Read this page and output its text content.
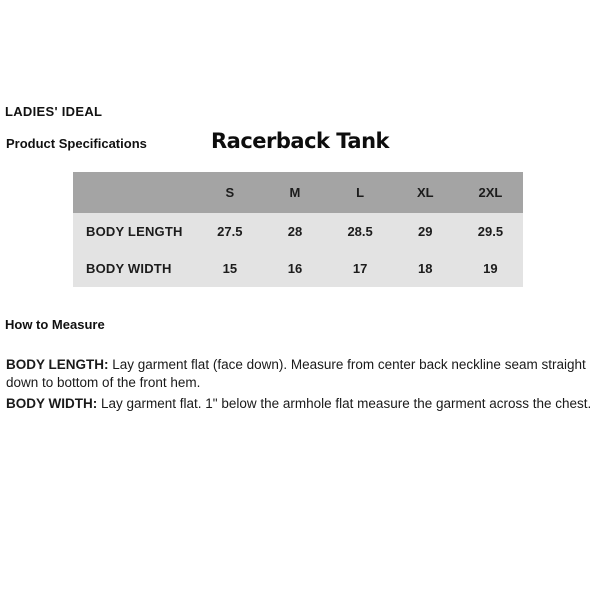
LADIES' IDEAL
Product Specifications	Racerback Tank
	S	M	L	XL	2XL
BODY LENGTH	27.5	28	28.5	29	29.5
BODY WIDTH	15	16	17	18	19
How to Measure

BODY LENGTH: Lay garment flat (face down). Measure from center back neckline seam straight down to bottom of the front hem.

BODY WIDTH: Lay garment flat. 1" below the armhole flat measure the garment across the chest.
